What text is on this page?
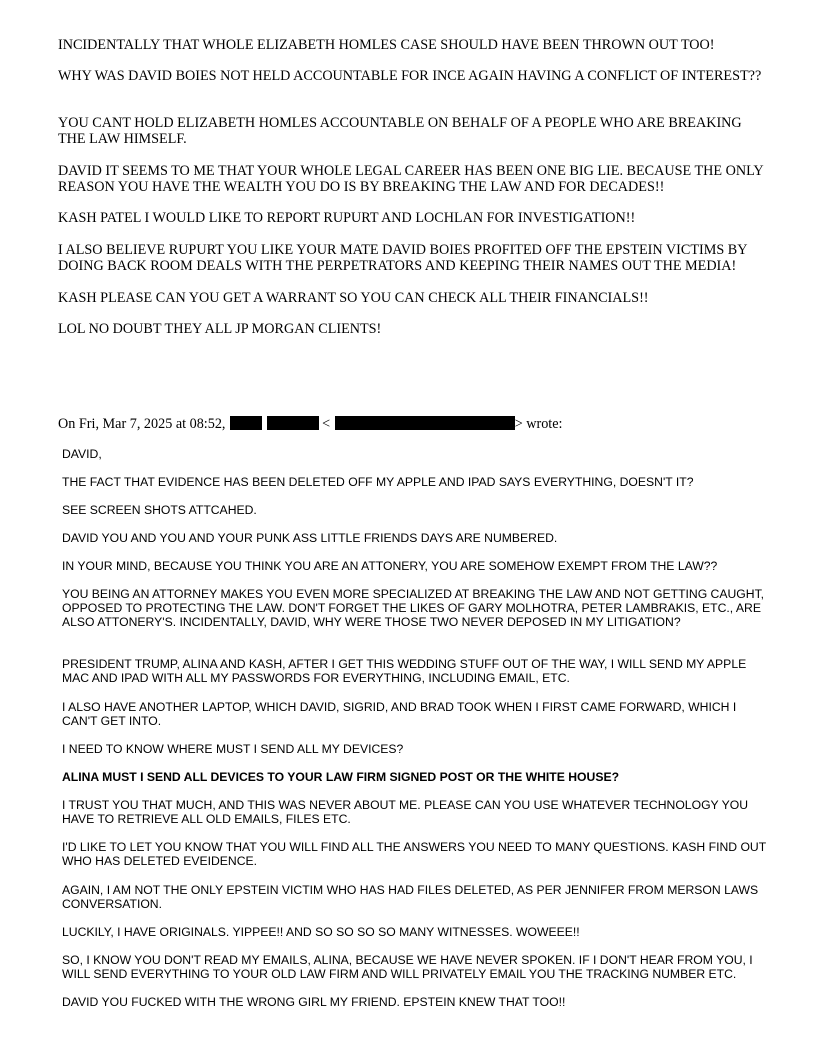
INCIDENTALLY THAT WHOLE ELIZABETH HOMLES CASE SHOULD HAVE BEEN THROWN OUT TOO!

WHY WAS DAVID BOIES NOT HELD ACCOUNTABLE FOR INCE AGAIN HAVING A CONFLICT OF INTEREST??

YOU CANT HOLD ELIZABETH HOMLES ACCOUNTABLE ON BEHALF OF A PEOPLE WHO ARE BREAKING THE LAW HIMSELF.

DAVID IT SEEMS TO ME THAT YOUR WHOLE LEGAL CAREER HAS BEEN ONE BIG LIE. BECAUSE THE ONLY REASON YOU HAVE THE WEALTH YOU DO IS BY BREAKING THE LAW AND FOR DECADES!!

KASH PATEL I WOULD LIKE TO REPORT RUPURT AND LOCHLAN FOR INVESTIGATION!!

I ALSO BELIEVE RUPURT YOU LIKE YOUR MATE DAVID BOIES PROFITED OFF THE EPSTEIN VICTIMS BY DOING BACK ROOM DEALS WITH THE PERPETRATORS AND KEEPING THEIR NAMES OUT THE MEDIA!

KASH PLEASE CAN YOU GET A WARRANT SO YOU CAN CHECK ALL THEIR FINANCIALS!!

LOL NO DOUBT THEY ALL JP MORGAN CLIENTS!

On Fri, Mar 7, 2025 at 08:52,	<	> wrote:

DAVID,

THE FACT THAT EVIDENCE HAS BEEN DELETED OFF MY APPLE AND IPAD SAYS EVERYTHING, DOESN'T IT?

SEE SCREEN SHOTS ATTCAHED.

DAVID YOU AND YOU AND YOUR PUNK ASS LITTLE FRIENDS DAYS ARE NUMBERED.

IN YOUR MIND, BECAUSE YOU THINK YOU ARE AN ATTONERY, YOU ARE SOMEHOW EXEMPT FROM THE LAW??

YOU BEING AN ATTORNEY MAKES YOU EVEN MORE SPECIALIZED AT BREAKING THE LAW AND NOT GETTING CAUGHT, OPPOSED TO PROTECTING THE LAW. DON'T FORGET THE LIKES OF GARY MOLHOTRA, PETER LAMBRAKIS, ETC., ARE ALSO ATTONERY'S. INCIDENTALLY, DAVID, WHY WERE THOSE TWO NEVER DEPOSED IN MY LITIGATION?

PRESIDENT TRUMP, ALINA AND KASH, AFTER I GET THIS WEDDING STUFF OUT OF THE WAY, I WILL SEND MY APPLE MAC AND IPAD WITH ALL MY PASSWORDS FOR EVERYTHING, INCLUDING EMAIL, ETC.

I ALSO HAVE ANOTHER LAPTOP, WHICH DAVID, SIGRID, AND BRAD TOOK WHEN I FIRST CAME FORWARD, WHICH I CAN'T GET INTO.

I NEED TO KNOW WHERE MUST I SEND ALL MY DEVICES?

ALINA MUST I SEND ALL DEVICES TO YOUR LAW FIRM SIGNED POST OR THE WHITE HOUSE?

I TRUST YOU THAT MUCH, AND THIS WAS NEVER ABOUT ME. PLEASE CAN YOU USE WHATEVER TECHNOLOGY YOU HAVE TO RETRIEVE ALL OLD EMAILS, FILES ETC.

I'D LIKE TO LET YOU KNOW THAT YOU WILL FIND ALL THE ANSWERS YOU NEED TO MANY QUESTIONS. KASH FIND OUT WHO HAS DELETED EVEIDENCE.

AGAIN, I AM NOT THE ONLY EPSTEIN VICTIM WHO HAS HAD FILES DELETED, AS PER JENNIFER FROM MERSON LAWS CONVERSATION.

LUCKILY, I HAVE ORIGINALS. YIPPEE!! AND SO SO SO SO MANY WITNESSES. WOWEEE!!

SO, I KNOW YOU DON'T READ MY EMAILS, ALINA, BECAUSE WE HAVE NEVER SPOKEN. IF I DON'T HEAR FROM YOU, I WILL SEND EVERYTHING TO YOUR OLD LAW FIRM AND WILL PRIVATELY EMAIL YOU THE TRACKING NUMBER ETC.

DAVID YOU FUCKED WITH THE WRONG GIRL MY FRIEND. EPSTEIN KNEW THAT TOO!!
